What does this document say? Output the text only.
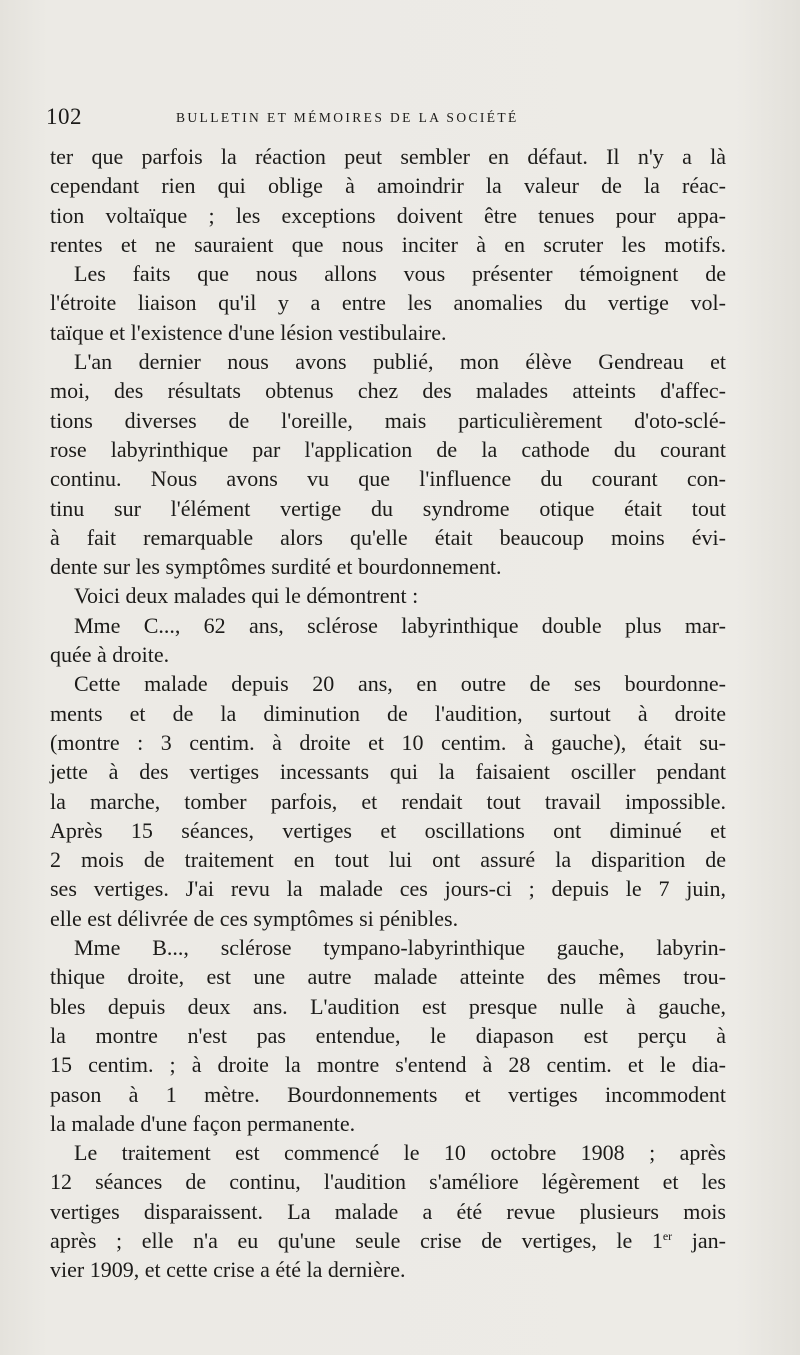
102	BULLETIN ET MÉMOIRES DE LA SOCIÉTÉ
ter que parfois la réaction peut sembler en défaut. Il n'y a là
cependant rien qui oblige à amoindrir la valeur de la réac-
tion voltaïque ; les exceptions doivent être tenues pour appa-
rentes et ne sauraient que nous inciter à en scruter les motifs.
Les faits que nous allons vous présenter témoignent de
l'étroite liaison qu'il y a entre les anomalies du vertige vol-
taïque et l'existence d'une lésion vestibulaire.
L'an dernier nous avons publié, mon élève Gendreau et
moi, des résultats obtenus chez des malades atteints d'affec-
tions diverses de l'oreille, mais particulièrement d'oto-sclé-
rose labyrinthique par l'application de la cathode du courant
continu. Nous avons vu que l'influence du courant con-
tinu sur l'élément vertige du syndrome otique était tout
à fait remarquable alors qu'elle était beaucoup moins évi-
dente sur les symptômes surdité et bourdonnement.
Voici deux malades qui le démontrent :
Mme C..., 62 ans, sclérose labyrinthique double plus mar-
quée à droite.
Cette malade depuis 20 ans, en outre de ses bourdonne-
ments et de la diminution de l'audition, surtout à droite
(montre : 3 centim. à droite et 10 centim. à gauche), était su-
jette à des vertiges incessants qui la faisaient osciller pendant
la marche, tomber parfois, et rendait tout travail impossible.
Après 15 séances, vertiges et oscillations ont diminué et
2 mois de traitement en tout lui ont assuré la disparition de
ses vertiges. J'ai revu la malade ces jours-ci ; depuis le 7 juin,
elle est délivrée de ces symptômes si pénibles.
Mme B..., sclérose tympano-labyrinthique gauche, labyrin-
thique droite, est une autre malade atteinte des mêmes trou-
bles depuis deux ans. L'audition est presque nulle à gauche,
la montre n'est pas entendue, le diapason est perçu à
15 centim. ; à droite la montre s'entend à 28 centim. et le dia-
pason à 1 mètre. Bourdonnements et vertiges incommodent
la malade d'une façon permanente.
Le traitement est commencé le 10 octobre 1908 ; après
12 séances de continu, l'audition s'améliore légèrement et les
vertiges disparaissent. La malade a été revue plusieurs mois
après ; elle n'a eu qu'une seule crise de vertiges, le 1er jan-
vier 1909, et cette crise a été la dernière.
